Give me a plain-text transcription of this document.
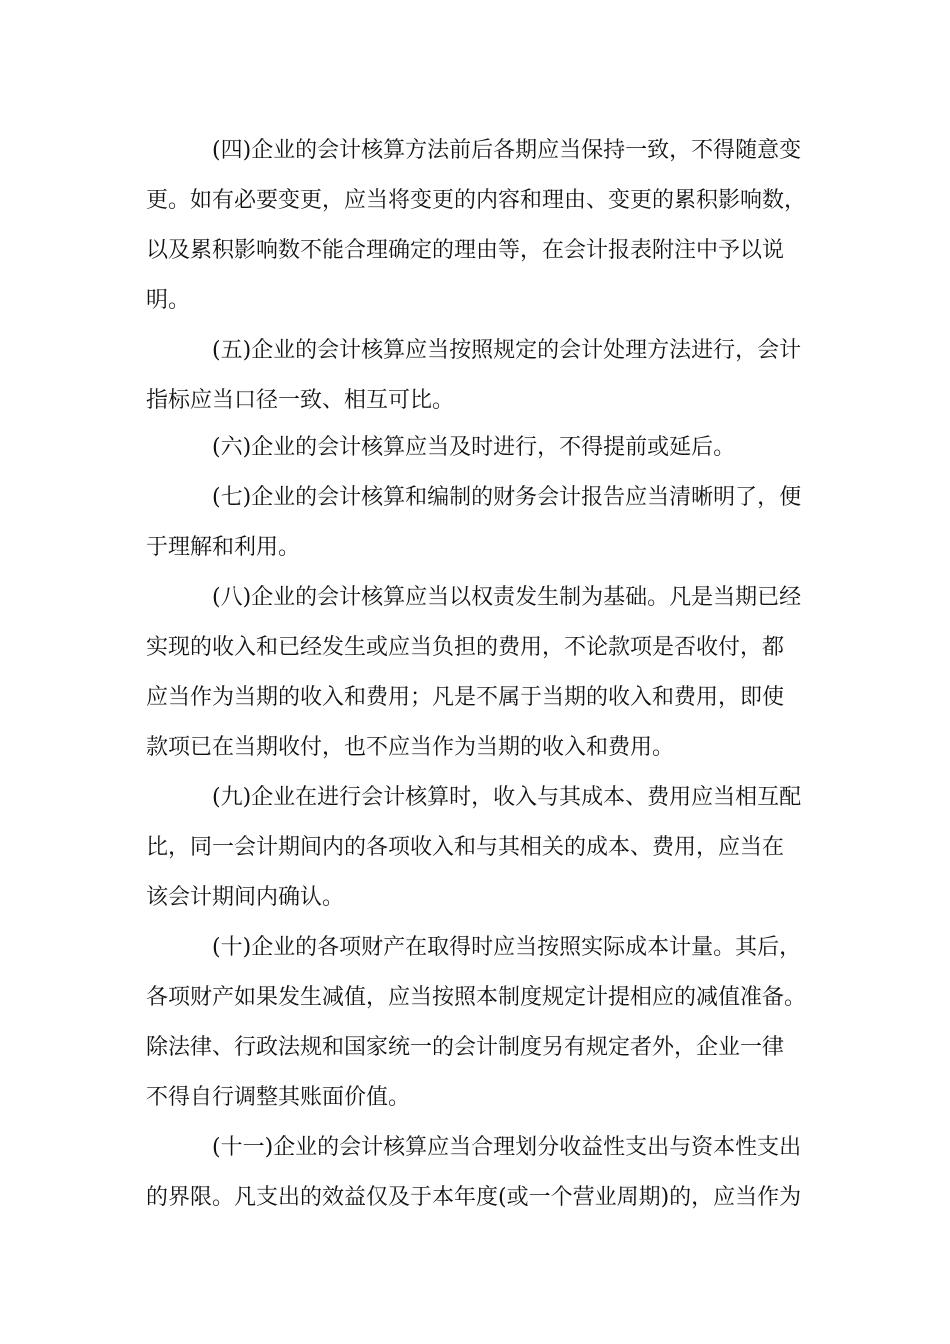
(四)企业的会计核算方法前后各期应当保持一致，不得随意变

更。如有必要变更，应当将变更的内容和理由、变更的累积影响数，

以及累积影响数不能合理确定的理由等，在会计报表附注中予以说

明。

(五)企业的会计核算应当按照规定的会计处理方法进行，会计

指标应当口径一致、相互可比。

(六)企业的会计核算应当及时进行，不得提前或延后。

(七)企业的会计核算和编制的财务会计报告应当清晰明了，便

于理解和利用。

(八)企业的会计核算应当以权责发生制为基础。凡是当期已经

实现的收入和已经发生或应当负担的费用，不论款项是否收付，都

应当作为当期的收入和费用；凡是不属于当期的收入和费用，即使

款项已在当期收付，也不应当作为当期的收入和费用。

(九)企业在进行会计核算时，收入与其成本、费用应当相互配

比，同一会计期间内的各项收入和与其相关的成本、费用，应当在

该会计期间内确认。

(十)企业的各项财产在取得时应当按照实际成本计量。其后，

各项财产如果发生减值，应当按照本制度规定计提相应的减值准备。

除法律、行政法规和国家统一的会计制度另有规定者外，企业一律

不得自行调整其账面价值。

(十一)企业的会计核算应当合理划分收益性支出与资本性支出

的界限。凡支出的效益仅及于本年度(或一个营业周期)的，应当作为
